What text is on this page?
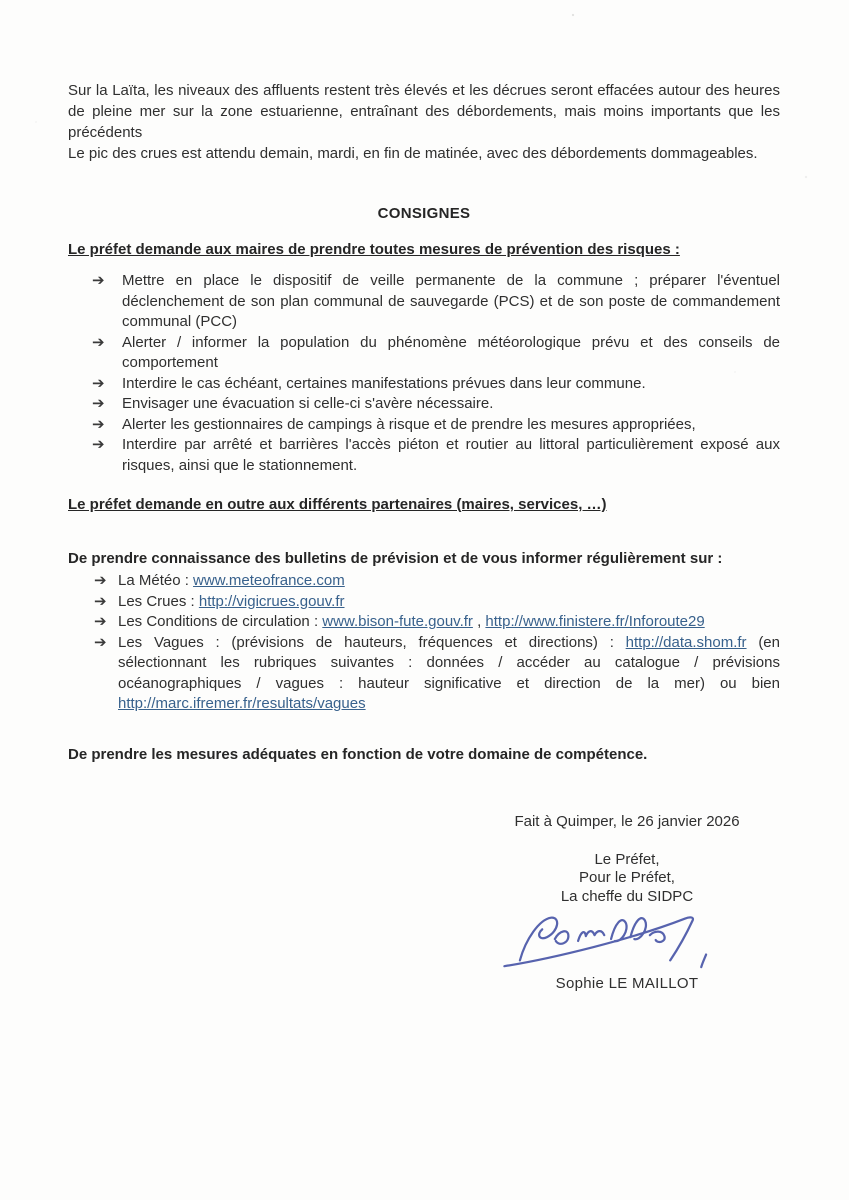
Sur la Laïta, les niveaux des affluents restent très élevés et les décrues seront effacées autour des heures de pleine mer sur la zone estuarienne, entraînant des débordements, mais moins importants que les précédents

Le pic des crues est attendu demain, mardi, en fin de matinée, avec des débordements dommageables.

CONSIGNES
Le préfet demande aux maires de prendre toutes mesures de prévention des risques :
➔ Mettre en place le dispositif de veille permanente de la commune ; préparer l'éventuel déclenchement de son plan communal de sauvegarde (PCS) et de son poste de commandement communal (PCC)
➔ Alerter / informer la population du phénomène météorologique prévu et des conseils de comportement
➔ Interdire le cas échéant, certaines manifestations prévues dans leur commune.
➔ Envisager une évacuation si celle-ci s'avère nécessaire.
➔ Alerter les gestionnaires de campings à risque et de prendre les mesures appropriées,
➔ Interdire par arrêté et barrières l'accès piéton et routier au littoral particulièrement exposé aux risques, ainsi que le stationnement.
Le préfet demande en outre aux différents partenaires (maires, services, …)
De prendre connaissance des bulletins de prévision et de vous informer régulièrement sur :
➔ La Météo : www.meteofrance.com
➔ Les Crues : http://vigicrues.gouv.fr
➔ Les Conditions de circulation : www.bison-fute.gouv.fr , http://www.finistere.fr/Inforoute29
➔ Les Vagues : (prévisions de hauteurs, fréquences et directions) : http://data.shom.fr (en sélectionnant les rubriques suivantes : données / accéder au catalogue / prévisions océanographiques / vagues : hauteur significative et direction de la mer) ou bien http://marc.ifremer.fr/resultats/vagues

De prendre les mesures adéquates en fonction de votre domaine de compétence.

Fait à Quimper, le 26 janvier 2026

Le Préfet,

Pour le Préfet,

La cheffe du SIDPC

Sophie LE MAILLOT
